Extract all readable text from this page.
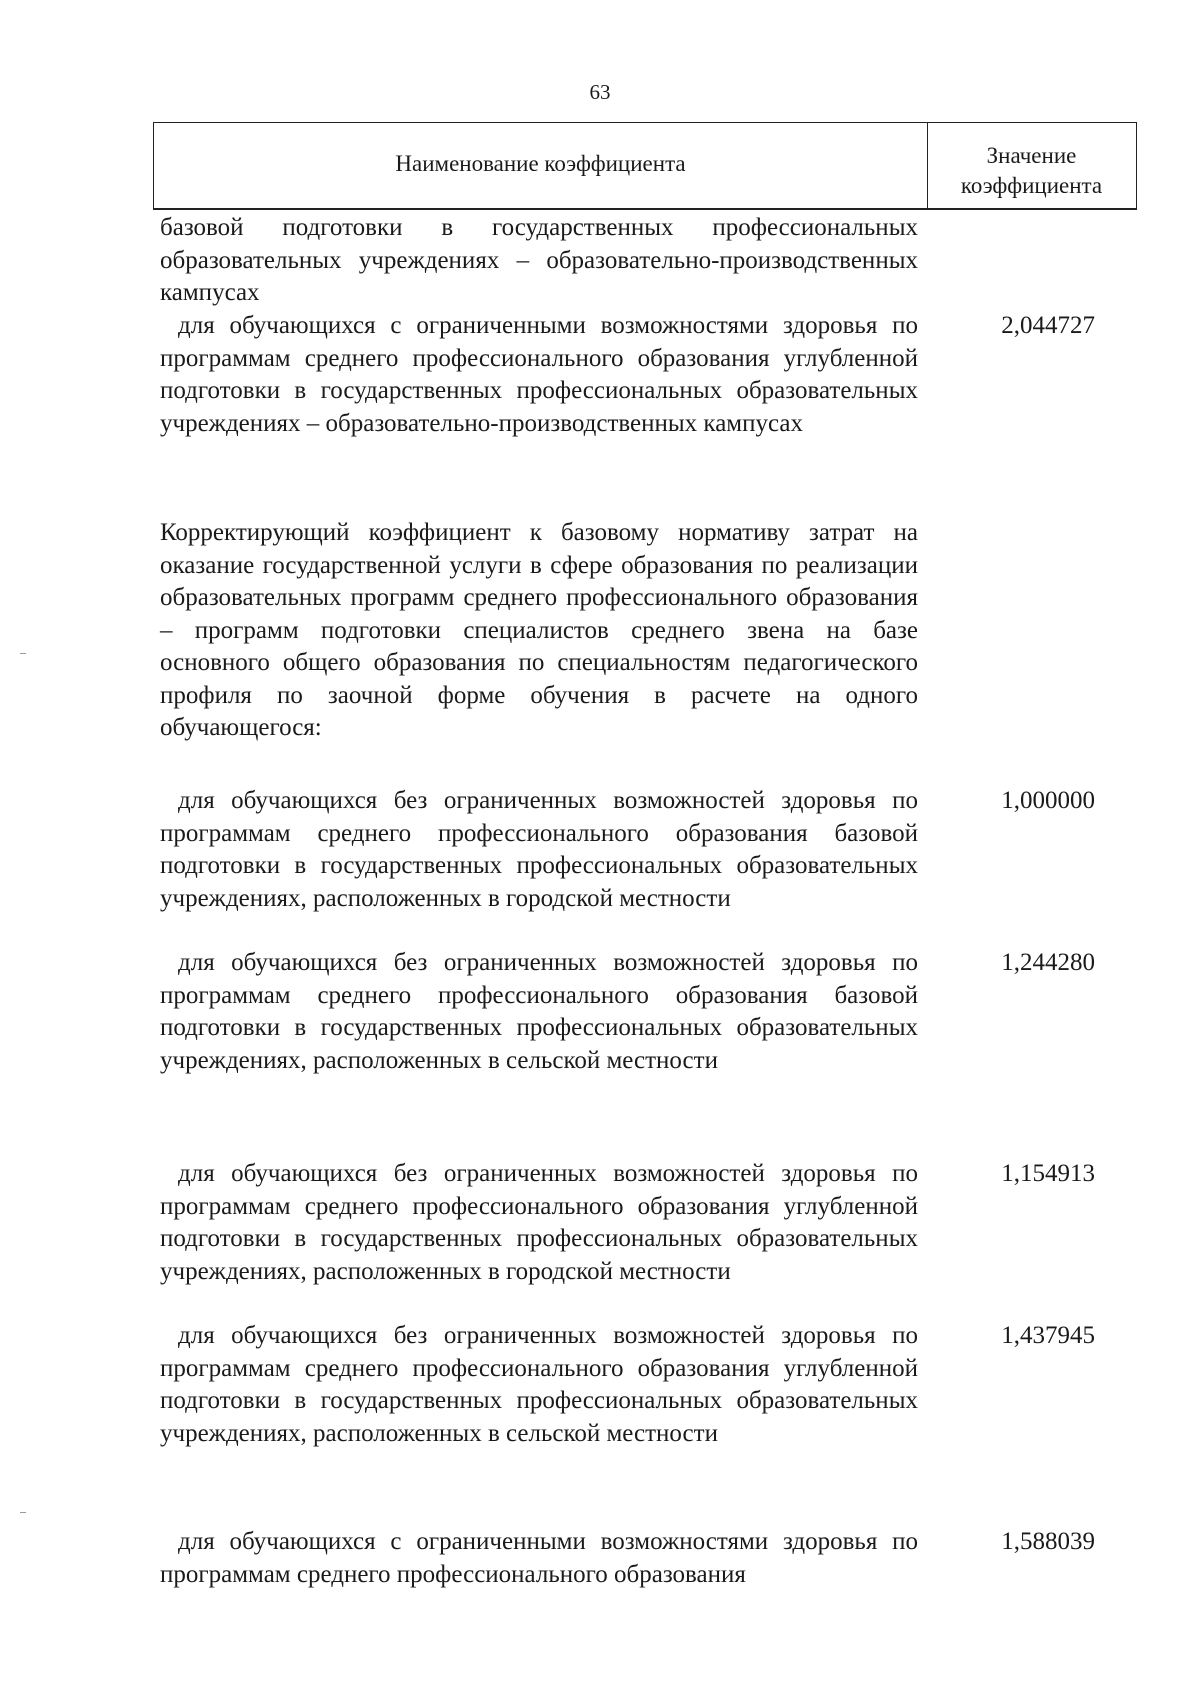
63
Наименование коэффициента	Значение
коэффициента
базовой подготовки в государственных профессиональных образовательных учреждениях – образовательно-производственных кампусах
для обучающихся с ограниченными возможностями здоровья по программам среднего профессионального образования углубленной подготовки в государственных профессиональных образовательных учреждениях – образовательно-производственных кампусах
2,044727
Корректирующий коэффициент к базовому нормативу затрат на оказание государственной услуги в сфере образования по реализации образовательных программ среднего профессионального образования – программ подготовки специалистов среднего звена на базе основного общего образования по специальностям педагогического профиля по заочной форме обучения в расчете на одного обучающегося:
для обучающихся без ограниченных возможностей здоровья по программам среднего профессионального образования базовой подготовки в государственных профессиональных образовательных учреждениях, расположенных в городской местности
1,000000
для обучающихся без ограниченных возможностей здоровья по программам среднего профессионального образования базовой подготовки в государственных профессиональных образовательных учреждениях, расположенных в сельской местности
1,244280
для обучающихся без ограниченных возможностей здоровья по программам среднего профессионального образования углубленной подготовки в государственных профессиональных образовательных учреждениях, расположенных в городской местности
1,154913
для обучающихся без ограниченных возможностей здоровья по программам среднего профессионального образования углубленной подготовки в государственных профессиональных образовательных учреждениях, расположенных в сельской местности
1,437945
для обучающихся с ограниченными возможностями здоровья по программам среднего профессионального образования
1,588039
